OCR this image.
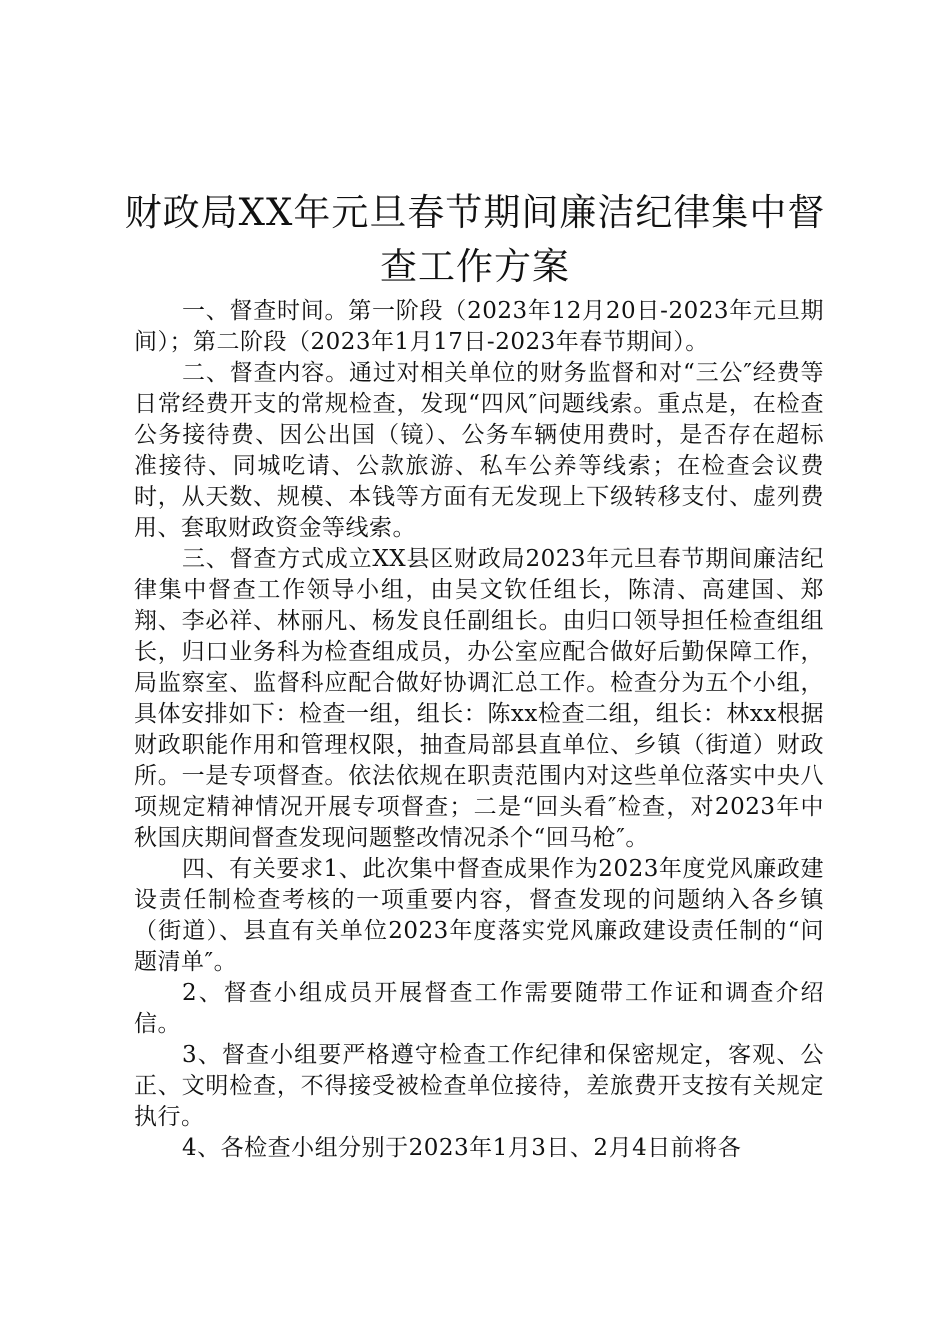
财政局XX年元旦春节期间廉洁纪律集中督
查工作方案

一、督查时间。第一阶段（2023年12月20日-2023年元旦期间）；第二阶段（2023年1月17日-2023年春节期间）。

二、督查内容。通过对相关单位的财务监督和对“三公″经费等日常经费开支的常规检查，发现“四风″问题线索。重点是，在检查公务接待费、因公出国（镜）、公务车辆使用费时，是否存在超标准接待、同城吃请、公款旅游、私车公养等线索；在检查会议费时，从天数、规模、本钱等方面有无发现上下级转移支付、虚列费用、套取财政资金等线索。

三、督查方式成立XX县区财政局2023年元旦春节期间廉洁纪律集中督查工作领导小组，由吴文钦任组长，陈清、高建国、郑翔、李必祥、林丽凡、杨发良任副组长。由归口领导担任检查组组长，归口业务科为检查组成员，办公室应配合做好后勤保障工作，局监察室、监督科应配合做好协调汇总工作。检查分为五个小组，具体安排如下：检查一组，组长：陈xx检查二组，组长：林xx根据财政职能作用和管理权限，抽查局部县直单位、乡镇（街道）财政所。一是专项督查。依法依规在职责范围内对这些单位落实中央八项规定精神情况开展专项督查；二是“回头看″检查，对2023年中秋国庆期间督查发现问题整改情况杀个“回马枪″。

四、有关要求1、此次集中督查成果作为2023年度党风廉政建设责任制检查考核的一项重要内容，督查发现的问题纳入各乡镇（街道）、县直有关单位2023年度落实党风廉政建设责任制的“问题清单″。

2、督查小组成员开展督查工作需要随带工作证和调查介绍信。

3、督查小组要严格遵守检查工作纪律和保密规定，客观、公正、文明检查，不得接受被检查单位接待，差旅费开支按有关规定执行。

4、各检查小组分别于2023年1月3日、2月4日前将各
